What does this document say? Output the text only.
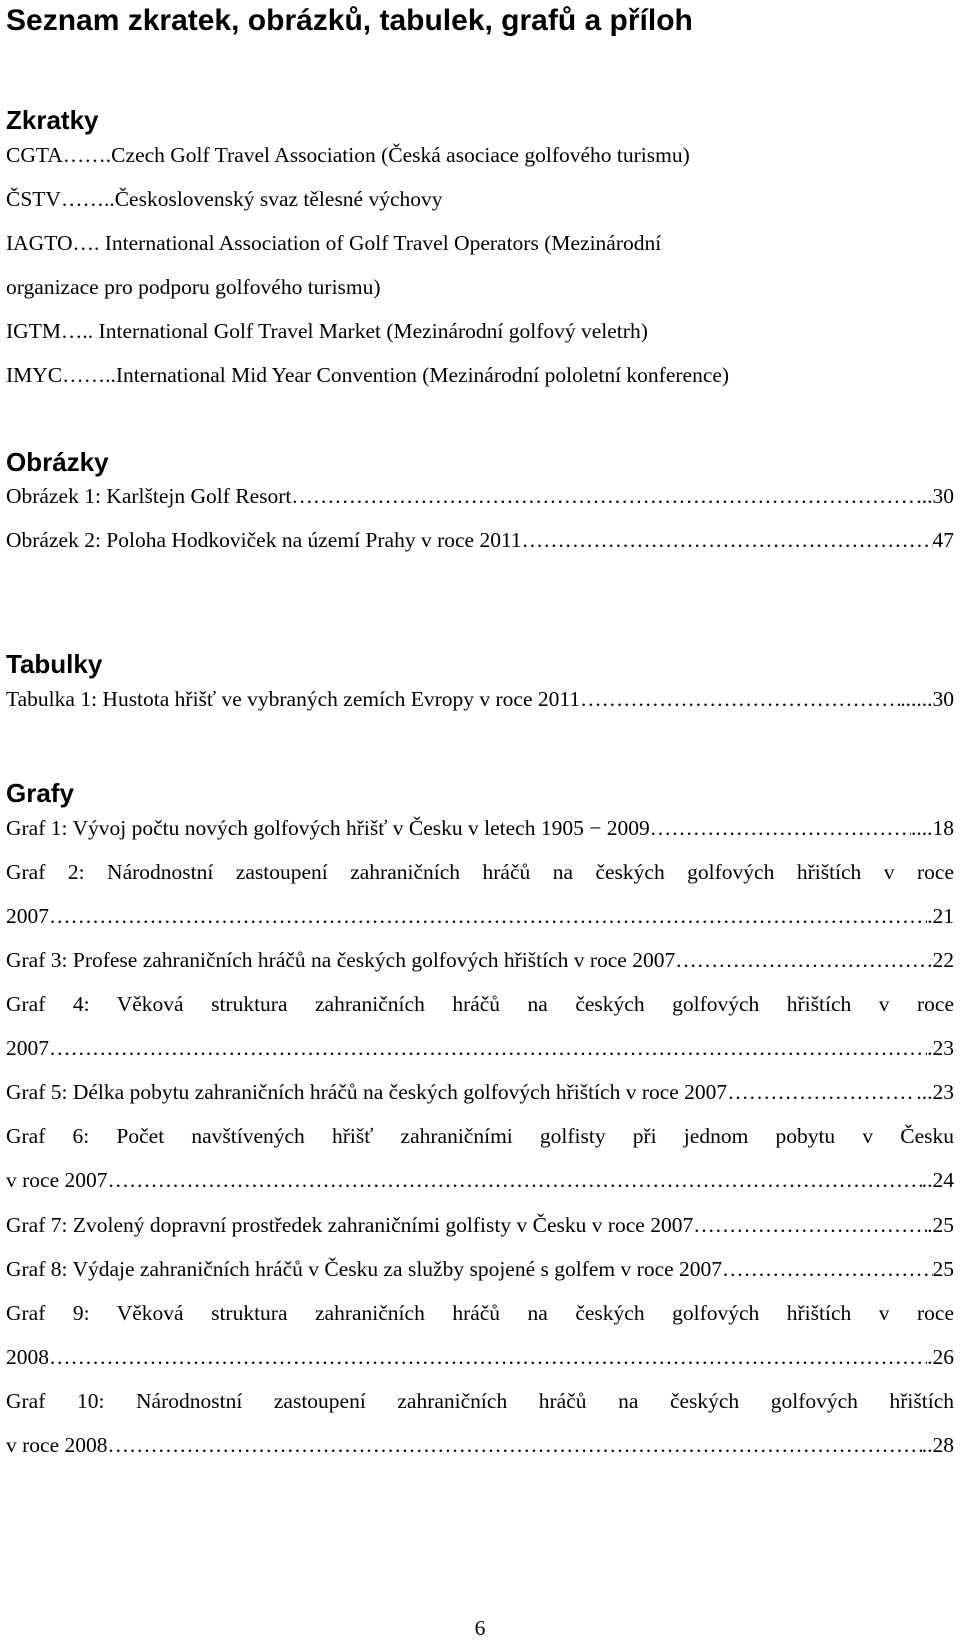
Seznam zkratek, obrázků, tabulek, grafů a příloh
Zkratky

CGTA…….Czech Golf Travel Association (Česká asociace golfového turismu)

ČSTV……..Československý svaz tělesné výchovy

IAGTO…. International Association of Golf Travel Operators (Mezinárodní

organizace pro podporu golfového turismu)

IGTM….. International Golf Travel Market (Mezinárodní golfový veletrh)

IMYC……..International Mid Year Convention (Mezinárodní pololetní konference)

Obrázky
Obrázek 1: Karlštejn Golf Resort ………………………………………………………………………………………………………………………………………………	...30
Obrázek 2: Poloha Hodkoviček na území Prahy v roce 2011 ………………………………………………………………………………………………………………………………………………	47
Tabulky
Tabulka 1: Hustota hřišť ve vybraných zemích Evropy v roce 2011 ………………………………………………………………………………………………………………………………………………	......30
Grafy
Graf 1: Vývoj počtu nových golfových hřišť v Česku v letech 1905 − 2009 ………………………………………………………………………………………………………………………………………………	....18

Graf 2: Národnostní zastoupení zahraničních hráčů na českých golfových hřištích v roce

2007 ………………………………………………………………………………………………………………………………………………	.21
Graf 3: Profese zahraničních hráčů na českých golfových hřištích v roce 2007 ………………………………………………………………………………………………………………………………………………	.22

Graf 4: Věková struktura zahraničních hráčů na českých golfových hřištích v roce

2007 ………………………………………………………………………………………………………………………………………………	.23
Graf 5: Délka pobytu zahraničních hráčů na českých golfových hřištích v roce 2007 ………………………………………………………………………………………………………………………………………………	...23

Graf 6: Počet navštívených hřišť zahraničními golfisty při jednom pobytu v Česku

v roce 2007 ………………………………………………………………………………………………………………………………………………	..24
Graf 7: Zvolený dopravní prostředek zahraničními golfisty v Česku v roce 2007 ………………………………………………………………………………………………………………………………………………	.25
Graf 8: Výdaje zahraničních hráčů v Česku za služby spojené s golfem v roce 2007 ………………………………………………………………………………………………………………………………………………	25

Graf 9: Věková struktura zahraničních hráčů na českých golfových hřištích v roce

2008 ………………………………………………………………………………………………………………………………………………	.26

Graf 10: Národnostní zastoupení zahraničních hráčů na českých golfových hřištích

v roce 2008 ………………………………………………………………………………………………………………………………………………	..28

6
